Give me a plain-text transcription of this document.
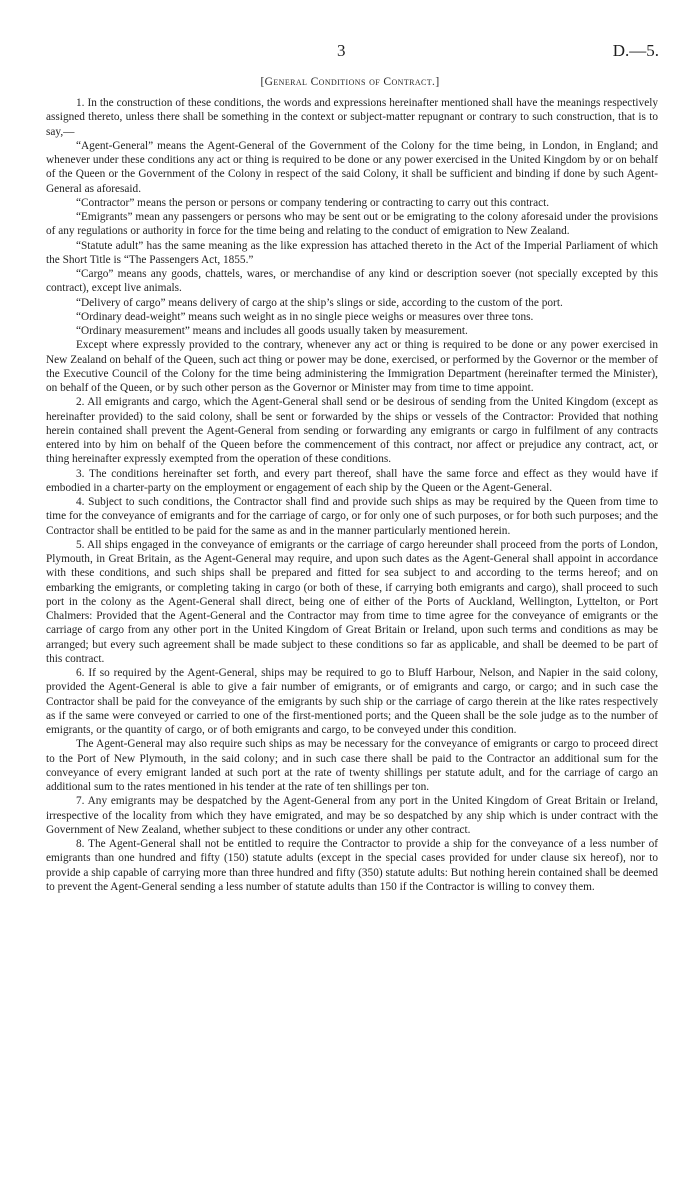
3	D.—5.
[General Conditions of Contract.]

1. In the construction of these conditions, the words and expressions hereinafter mentioned shall have the meanings respectively assigned thereto, unless there shall be something in the context or subject-matter repugnant or contrary to such construction, that is to say,—

“Agent-General” means the Agent-General of the Government of the Colony for the time being, in London, in England; and whenever under these conditions any act or thing is required to be done or any power exercised in the United Kingdom by or on behalf of the Queen or the Government of the Colony in respect of the said Colony, it shall be sufficient and binding if done by such Agent-General as aforesaid.

“Contractor” means the person or persons or company tendering or contracting to carry out this contract.

“Emigrants” mean any passengers or persons who may be sent out or be emigrating to the colony aforesaid under the provisions of any regulations or authority in force for the time being and relating to the conduct of emigration to New Zealand.

“Statute adult” has the same meaning as the like expression has attached thereto in the Act of the Imperial Parliament of which the Short Title is “The Passengers Act, 1855.”

“Cargo” means any goods, chattels, wares, or merchandise of any kind or description soever (not specially excepted by this contract), except live animals.

“Delivery of cargo” means delivery of cargo at the ship’s slings or side, according to the custom of the port.

“Ordinary dead-weight” means such weight as in no single piece weighs or measures over three tons.

“Ordinary measurement” means and includes all goods usually taken by measurement.

Except where expressly provided to the contrary, whenever any act or thing is required to be done or any power exercised in New Zealand on behalf of the Queen, such act thing or power may be done, exercised, or performed by the Governor or the member of the Executive Council of the Colony for the time being administering the Immigration Department (hereinafter termed the Minister), on behalf of the Queen, or by such other person as the Governor or Minister may from time to time appoint.

2. All emigrants and cargo, which the Agent-General shall send or be desirous of sending from the United Kingdom (except as hereinafter provided) to the said colony, shall be sent or forwarded by the ships or vessels of the Contractor: Provided that nothing herein contained shall prevent the Agent-General from sending or forwarding any emigrants or cargo in fulfilment of any contracts entered into by him on behalf of the Queen before the commencement of this contract, nor affect or prejudice any contract, act, or thing hereinafter expressly exempted from the operation of these conditions.

3. The conditions hereinafter set forth, and every part thereof, shall have the same force and effect as they would have if embodied in a charter-party on the employment or engagement of each ship by the Queen or the Agent-General.

4. Subject to such conditions, the Contractor shall find and provide such ships as may be required by the Queen from time to time for the conveyance of emigrants and for the carriage of cargo, or for only one of such purposes, or for both such purposes; and the Contractor shall be entitled to be paid for the same as and in the manner particularly mentioned herein.

5. All ships engaged in the conveyance of emigrants or the carriage of cargo hereunder shall proceed from the ports of London, Plymouth, in Great Britain, as the Agent-General may require, and upon such dates as the Agent-General shall appoint in accordance with these conditions, and such ships shall be prepared and fitted for sea subject to and according to the terms hereof; and on embarking the emigrants, or completing taking in cargo (or both of these, if carrying both emigrants and cargo), shall proceed to such port in the colony as the Agent-General shall direct, being one of either of the Ports of Auckland, Wellington, Lyttelton, or Port Chalmers: Provided that the Agent-General and the Contractor may from time to time agree for the conveyance of emigrants or the carriage of cargo from any other port in the United Kingdom of Great Britain or Ireland, upon such terms and conditions as may be arranged; but every such agreement shall be made subject to these conditions so far as applicable, and shall be deemed to be part of this contract.

6. If so required by the Agent-General, ships may be required to go to Bluff Harbour, Nelson, and Napier in the said colony, provided the Agent-General is able to give a fair number of emigrants, or of emigrants and cargo, or cargo; and in such case the Contractor shall be paid for the conveyance of the emigrants by such ship or the carriage of cargo therein at the like rates respectively as if the same were conveyed or carried to one of the first-mentioned ports; and the Queen shall be the sole judge as to the number of emigrants, or the quantity of cargo, or of both emigrants and cargo, to be conveyed under this condition.

The Agent-General may also require such ships as may be necessary for the conveyance of emigrants or cargo to proceed direct to the Port of New Plymouth, in the said colony; and in such case there shall be paid to the Contractor an additional sum for the conveyance of every emigrant landed at such port at the rate of twenty shillings per statute adult, and for the carriage of cargo an additional sum to the rates mentioned in his tender at the rate of ten shillings per ton.

7. Any emigrants may be despatched by the Agent-General from any port in the United Kingdom of Great Britain or Ireland, irrespective of the locality from which they have emigrated, and may be so despatched by any ship which is under contract with the Government of New Zealand, whether subject to these conditions or under any other contract.

8. The Agent-General shall not be entitled to require the Contractor to provide a ship for the conveyance of a less number of emigrants than one hundred and fifty (150) statute adults (except in the special cases provided for under clause six hereof), nor to provide a ship capable of carrying more than three hundred and fifty (350) statute adults: But nothing herein contained shall be deemed to prevent the Agent-General sending a less number of statute adults than 150 if the Contractor is willing to convey them.
